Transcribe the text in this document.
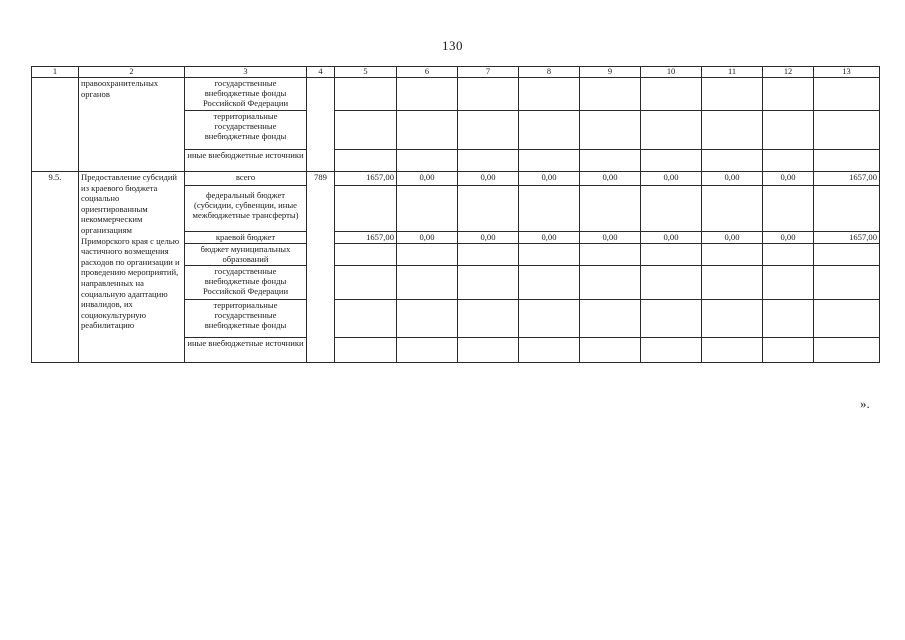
130
1	2	3	4	5	6	7	8	9	10	11	12	13
	правоохранительных органов	государственные внебюджетные фонды Российской Федерации										
		территориальные государственные внебюджетные фонды										
		иные внебюджетные источники										
9.5.	Предоставление субсидий из краевого бюджета социально ориентированным некоммерческим организациям Приморского края с целью частичного возмещения расходов по организации и проведению мероприятий, направленных на социальную адаптацию инвалидов, их социокультурную реабилитацию	всего	789	1657,00	0,00	0,00	0,00	0,00	0,00	0,00	0,00	1657,00
		федеральный бюджет (субсидии, субвенции, иные межбюджетные трансферты)										
		краевой бюджет		1657,00	0,00	0,00	0,00	0,00	0,00	0,00	0,00	1657,00
		бюджет муниципальных образований										
		государственные внебюджетные фонды Российской Федерации										
		территориальные государственные внебюджетные фонды										
		иные внебюджетные источники										
».
